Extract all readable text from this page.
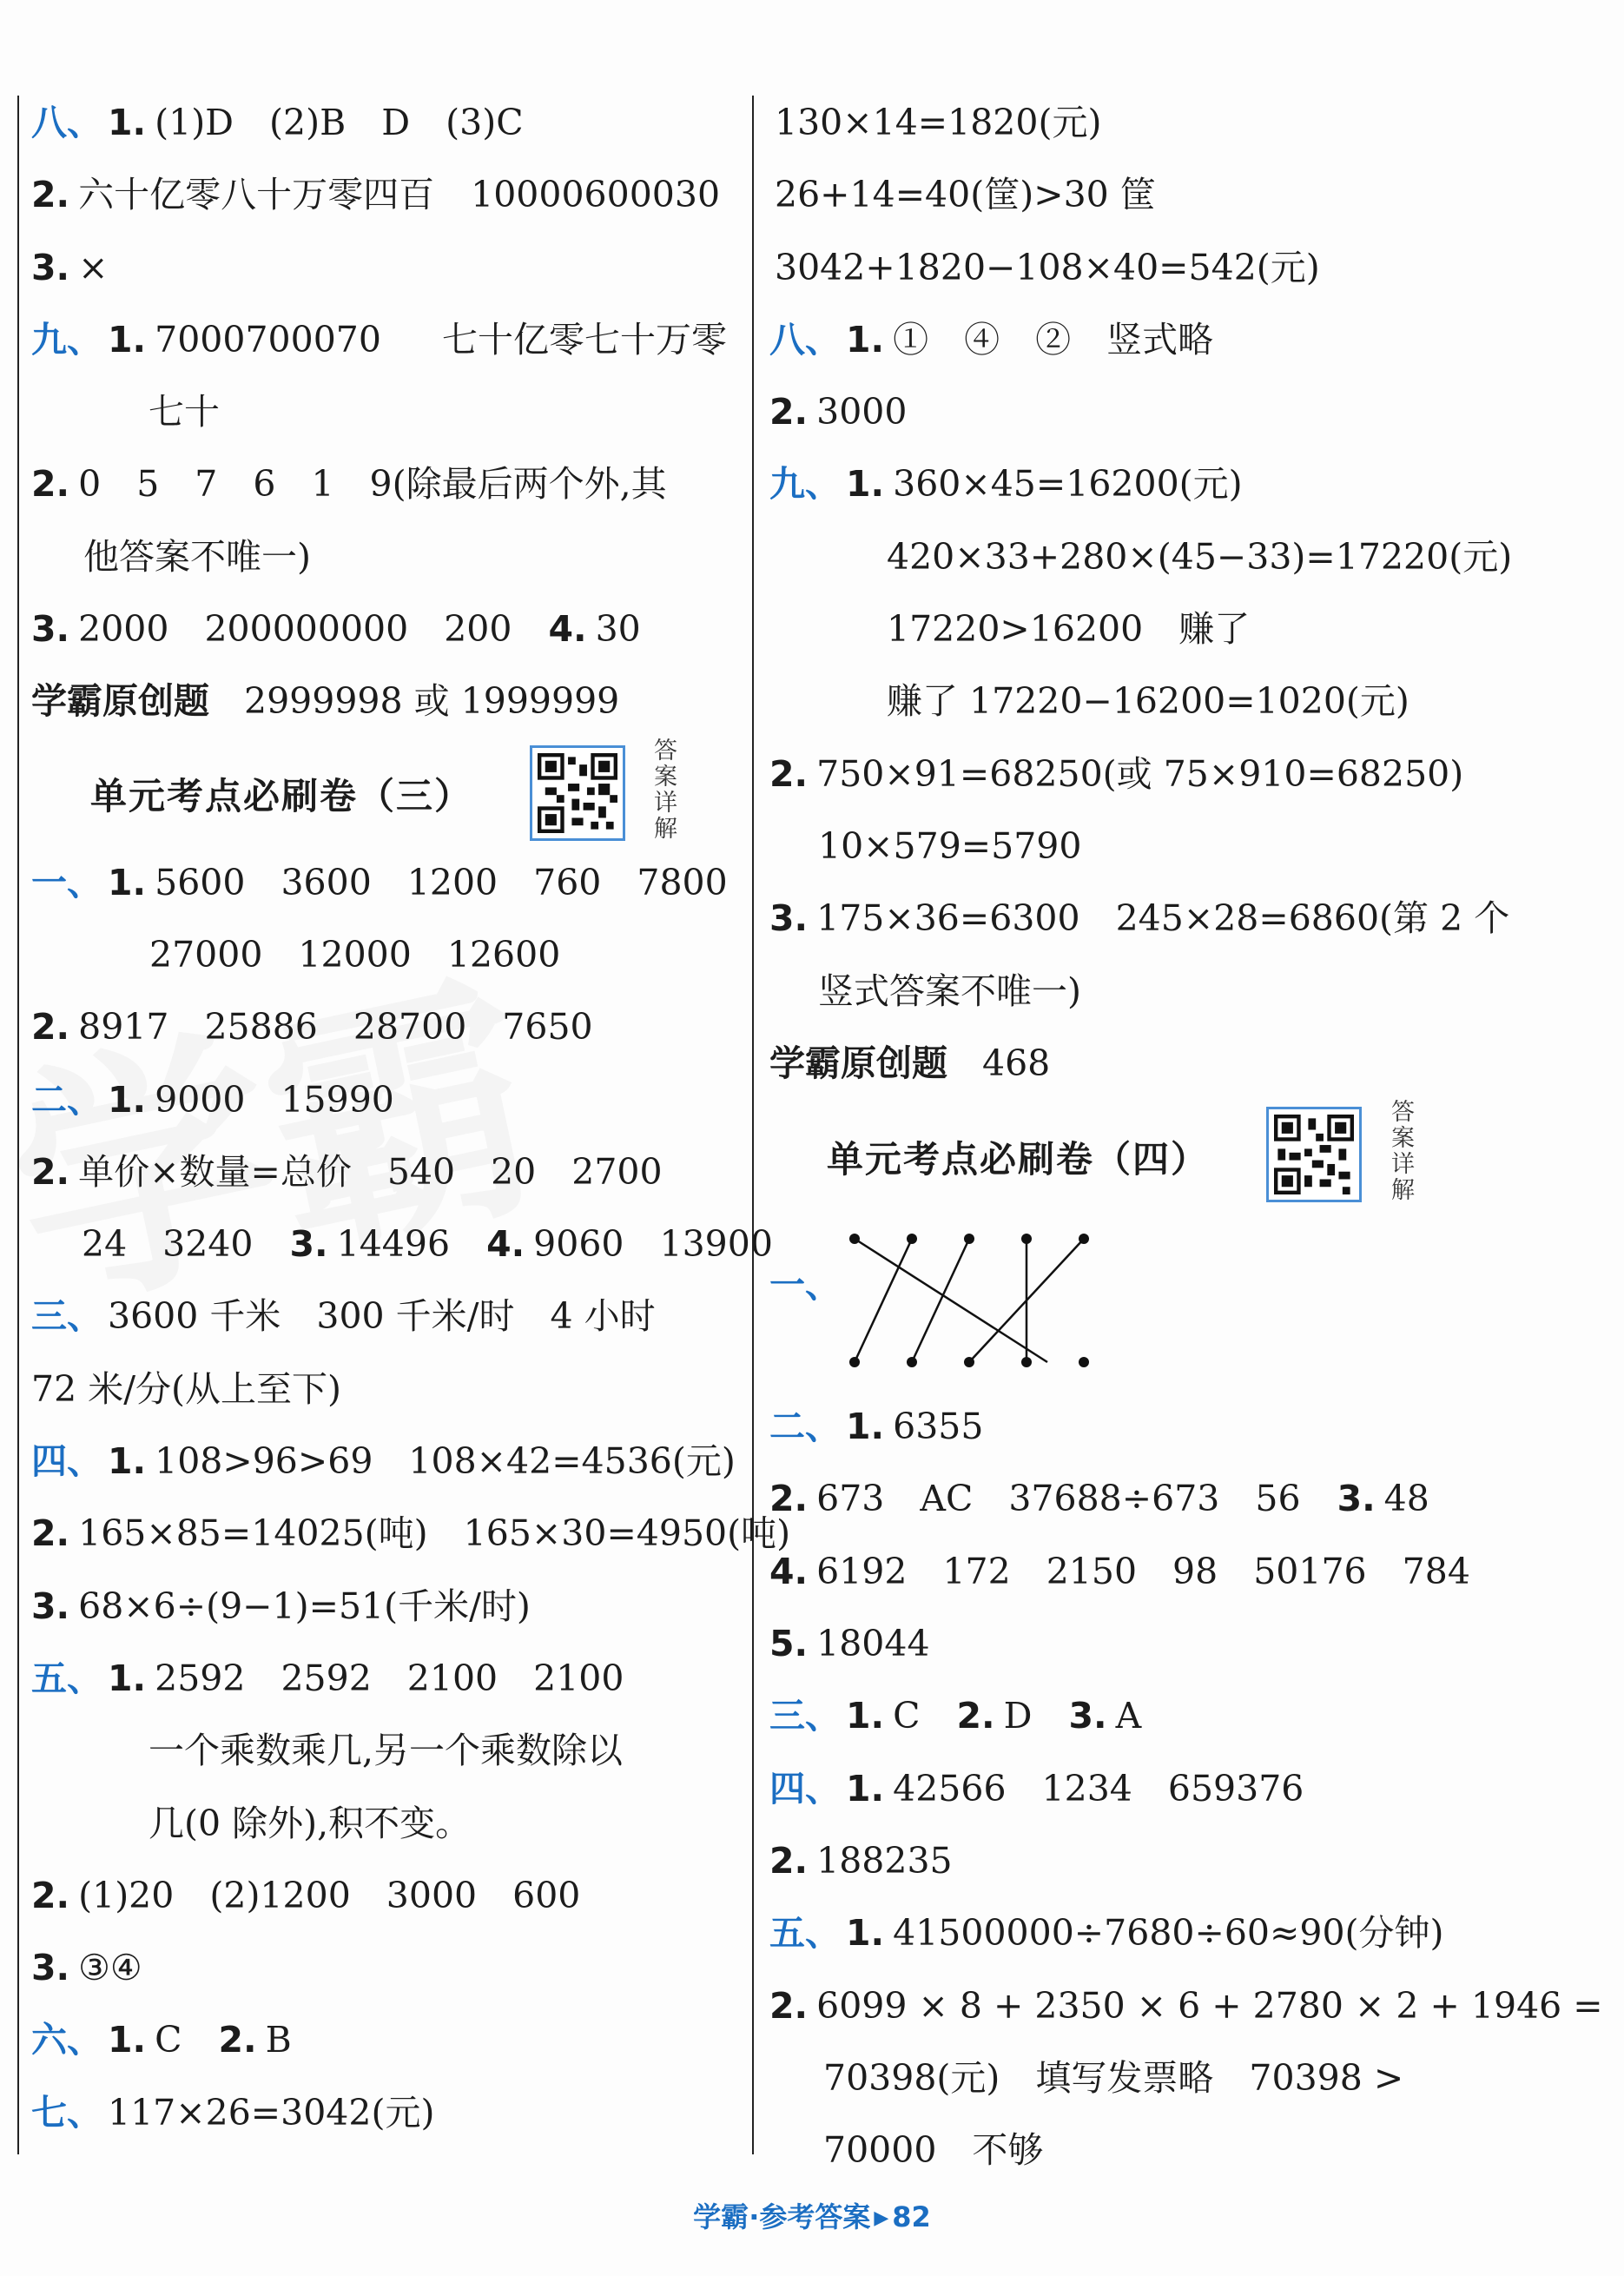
八、 1. (1)D　(2)B　D　(3)C
2. 六十亿零八十万零四百 10000600030
3. ×
九、 1. 7000700070 七十亿零七十万零
七十
2. 0　5　7　6　1　9(除最后两个外,其
他答案不唯一)
3. 2000　200000000　200 4. 30
学霸原创题 2999998 或 1999999
单元考点必刷卷（三）
答案详解
一、 1. 5600　3600　1200　760　7800
27000　12000　12600
2. 8917　25886　28700　7650
二、 1. 9000　15990
2. 单价×数量=总价　540　20　2700
24　3240 3. 14496 4. 9060　13900
三、 3600 千米　300 千米/时　4 小时
72 米/分(从上至下)
四、 1. 108>96>69　108×42=4536(元)
2. 165×85=14025(吨)　165×30=4950(吨)
3. 68×6÷(9−1)=51(千米/时)
五、 1. 2592　2592　2100　2100
一个乘数乘几,另一个乘数除以
几(0 除外),积不变。
2. (1)20　(2)1200　3000　600
3. ③④
六、 1. C 2. B
七、 117×26=3042(元)
130×14=1820(元)
26+14=40(筐)>30 筐
3042+1820−108×40=542(元)
八、 1. ①　④　②　竖式略
2. 3000
九、 1. 360×45=16200(元)
420×33+280×(45−33)=17220(元)
17220>16200　赚了
赚了 17220−16200=1020(元)
2. 750×91=68250(或 75×910=68250)
10×579=5790
3. 175×36=6300　245×28=6860(第 2 个
竖式答案不唯一)
学霸原创题 468
单元考点必刷卷（四）
答案详解
一、
二、 1. 6355
2. 673　AC　37688÷673　56 3. 48
4. 6192　172　2150　98　50176　784
5. 18044
三、 1. C 2. D 3. A
四、 1. 42566　1234　659376
2. 188235
五、 1. 41500000÷7680÷60≈90(分钟)
2. 6099 × 8 + 2350 × 6 + 2780 × 2 + 1946 =
70398(元)　填写发票略　70398 >
70000　不够
学霸·参考答案 ▶ 82
